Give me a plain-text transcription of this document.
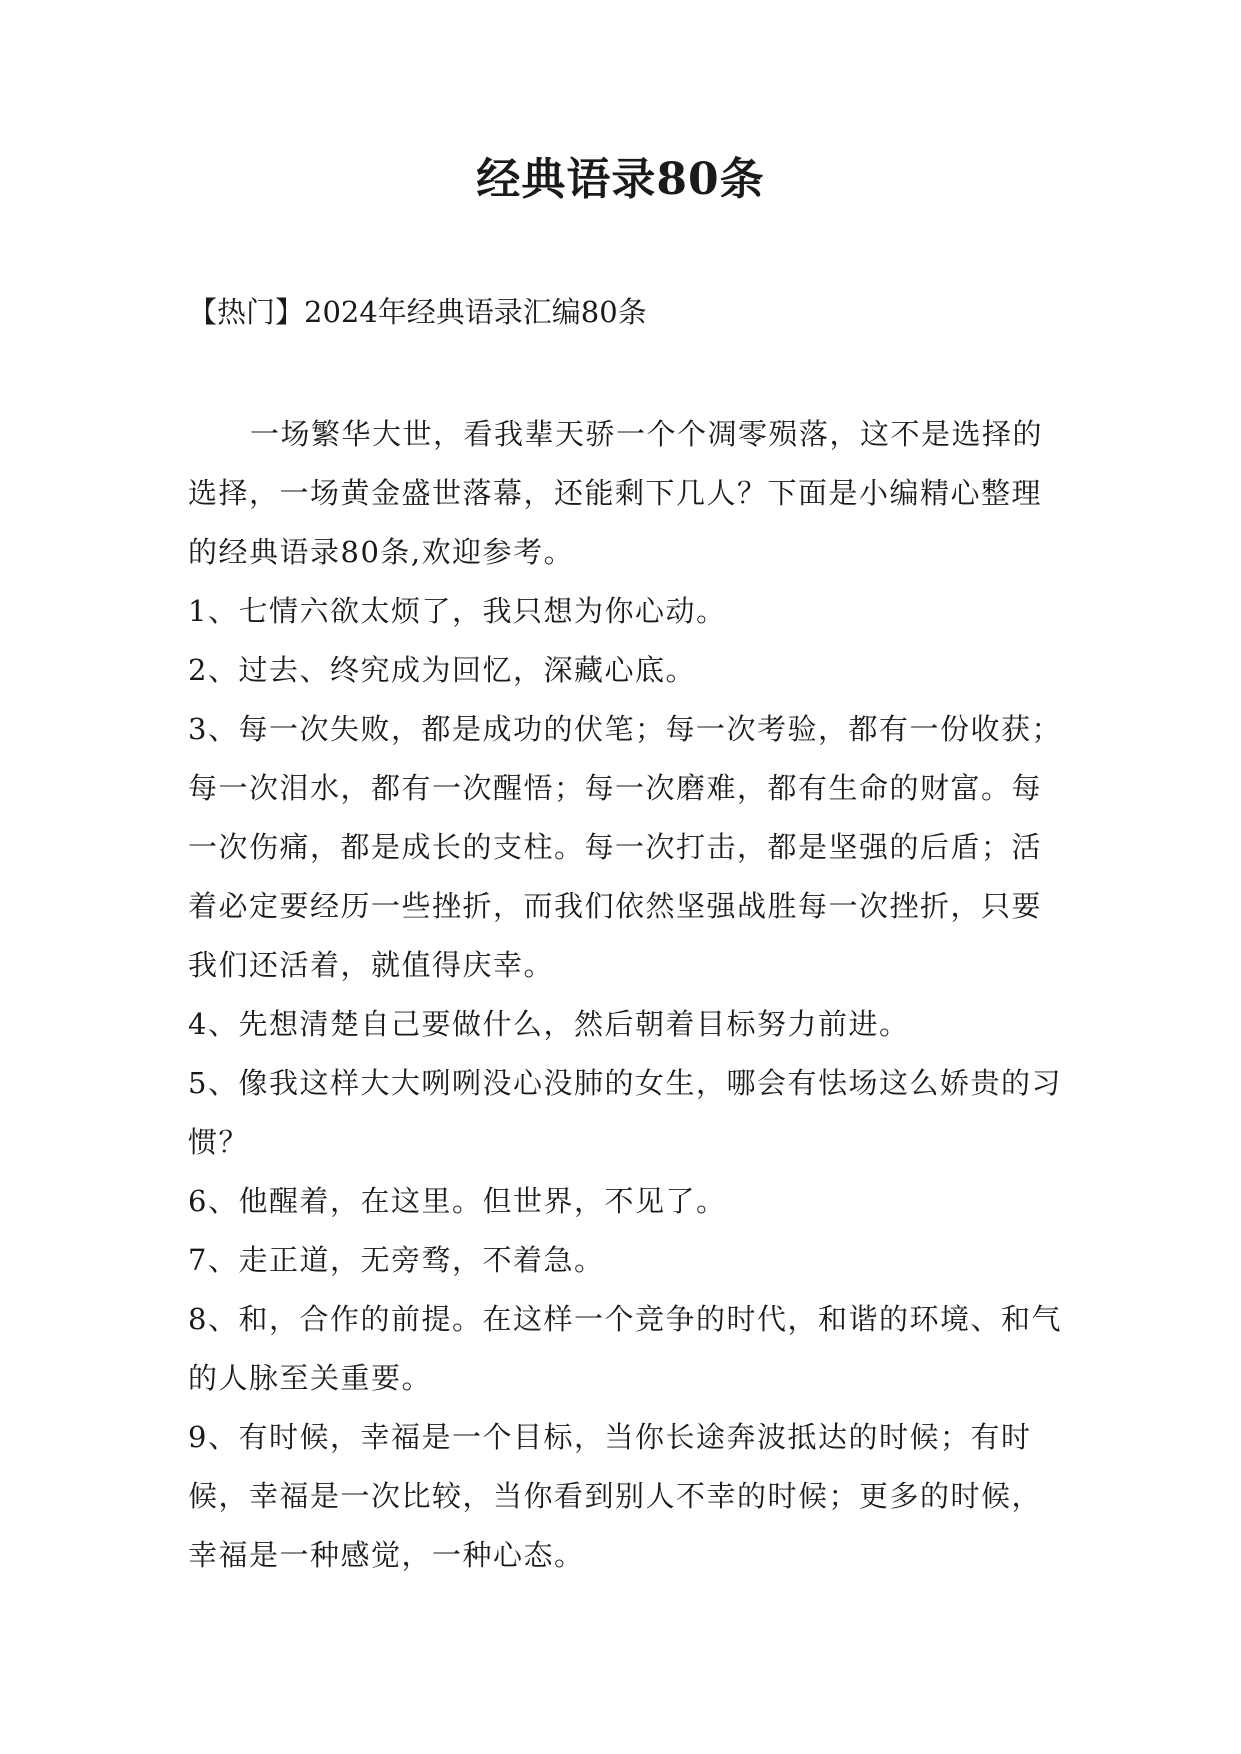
经典语录80条

【热门】2024年经典语录汇编80条

一场繁华大世，看我辈天骄一个个凋零殒落，这不是选择的选择，一场黄金盛世落幕，还能剩下几人？下面是小编精心整理的经典语录80条,欢迎参考。

1、七情六欲太烦了，我只想为你心动。

2、过去、终究成为回忆，深藏心底。

3、每一次失败，都是成功的伏笔；每一次考验，都有一份收获；每一次泪水，都有一次醒悟；每一次磨难，都有生命的财富。每一次伤痛，都是成长的支柱。每一次打击，都是坚强的后盾；活着必定要经历一些挫折，而我们依然坚强战胜每一次挫折，只要我们还活着，就值得庆幸。

4、先想清楚自己要做什么，然后朝着目标努力前进。

5、像我这样大大咧咧没心没肺的女生，哪会有怯场这么娇贵的习惯？

6、他醒着，在这里。但世界，不见了。

7、走正道，无旁骛，不着急。

8、和，合作的前提。在这样一个竞争的时代，和谐的环境、和气的人脉至关重要。

9、有时候，幸福是一个目标，当你长途奔波抵达的时候；有时候，幸福是一次比较，当你看到别人不幸的时候；更多的时候，幸福是一种感觉，一种心态。
